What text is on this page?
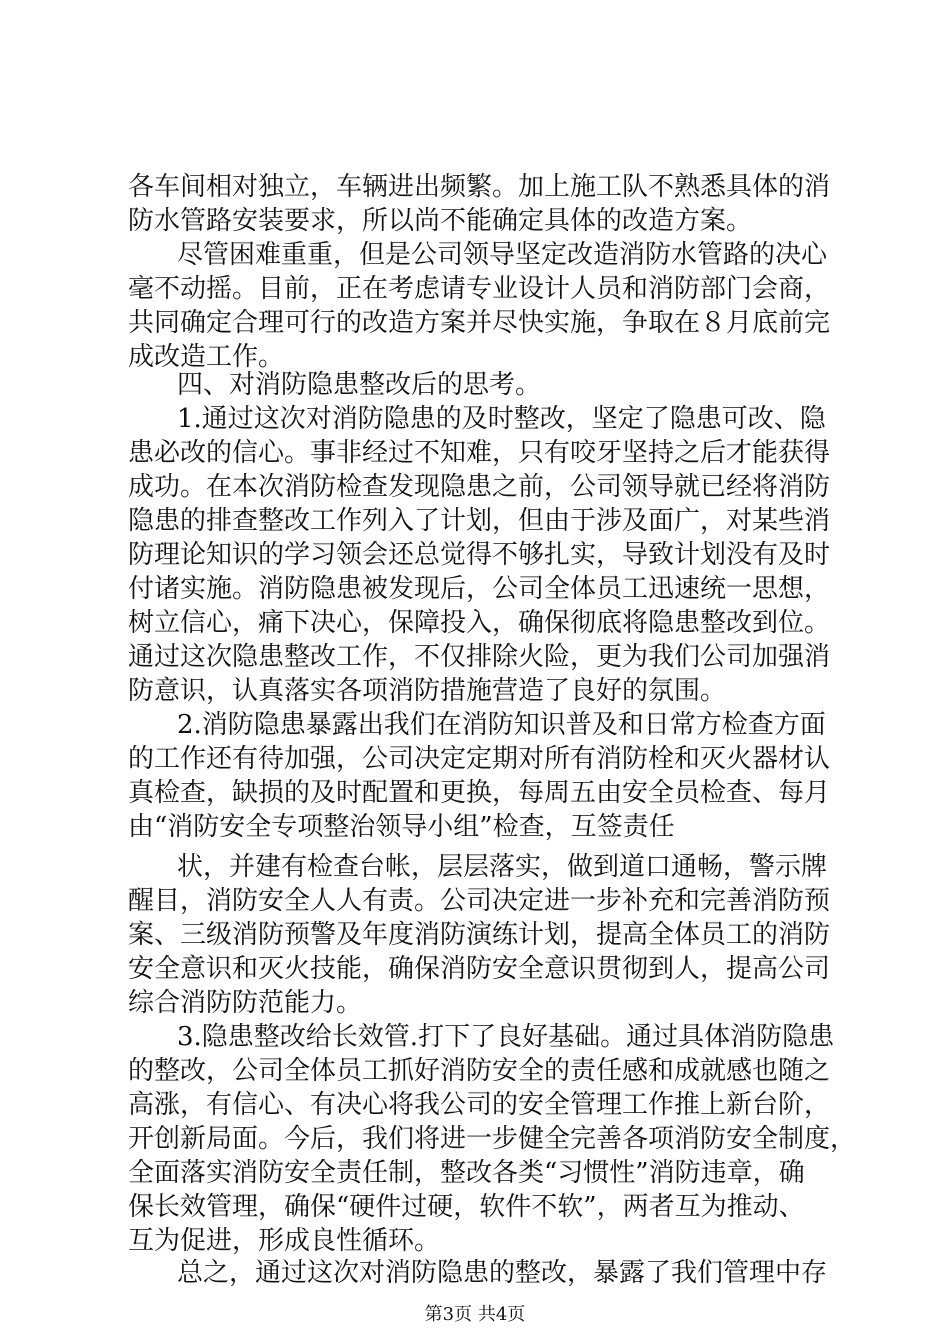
各车间相对独立，车辆进出频繁。加上施工队不熟悉具体的消
防水管路安装要求，所以尚不能确定具体的改造方案。
尽管困难重重，但是公司领导坚定改造消防水管路的决心
毫不动摇。目前，正在考虑请专业设计人员和消防部门会商，
共同确定合理可行的改造方案并尽快实施，争取在８月底前完
成改造工作。
四、对消防隐患整改后的思考。
1.通过这次对消防隐患的及时整改，坚定了隐患可改、隐
患必改的信心。事非经过不知难，只有咬牙坚持之后才能获得
成功。在本次消防检查发现隐患之前，公司领导就已经将消防
隐患的排查整改工作列入了计划，但由于涉及面广，对某些消
防理论知识的学习领会还总觉得不够扎实，导致计划没有及时
付诸实施。消防隐患被发现后，公司全体员工迅速统一思想，
树立信心，痛下决心，保障投入，确保彻底将隐患整改到位。
通过这次隐患整改工作，不仅排除火险，更为我们公司加强消
防意识，认真落实各项消防措施营造了良好的氛围。
2.消防隐患暴露出我们在消防知识普及和日常方检查方面
的工作还有待加强，公司决定定期对所有消防栓和灭火器材认
真检查，缺损的及时配置和更换，每周五由安全员检查、每月
由“消防安全专项整治领导小组”检查，互签责任
状，并建有检查台帐，层层落实，做到道口通畅，警示牌
醒目，消防安全人人有责。公司决定进一步补充和完善消防预
案、三级消防预警及年度消防演练计划，提高全体员工的消防
安全意识和灭火技能，确保消防安全意识贯彻到人，提高公司
综合消防防范能力。
3.隐患整改给长效管.打下了良好基础。通过具体消防隐患
的整改，公司全体员工抓好消防安全的责任感和成就感也随之
高涨，有信心、有决心将我公司的安全管理工作推上新台阶，
开创新局面。今后，我们将进一步健全完善各项消防安全制度，
全面落实消防安全责任制，整改各类“习惯性”消防违章，确
保长效管理，确保“硬件过硬，软件不软”，两者互为推动、
互为促进，形成良性循环。
总之，通过这次对消防隐患的整改，暴露了我们管理中存
第3页 共4页
